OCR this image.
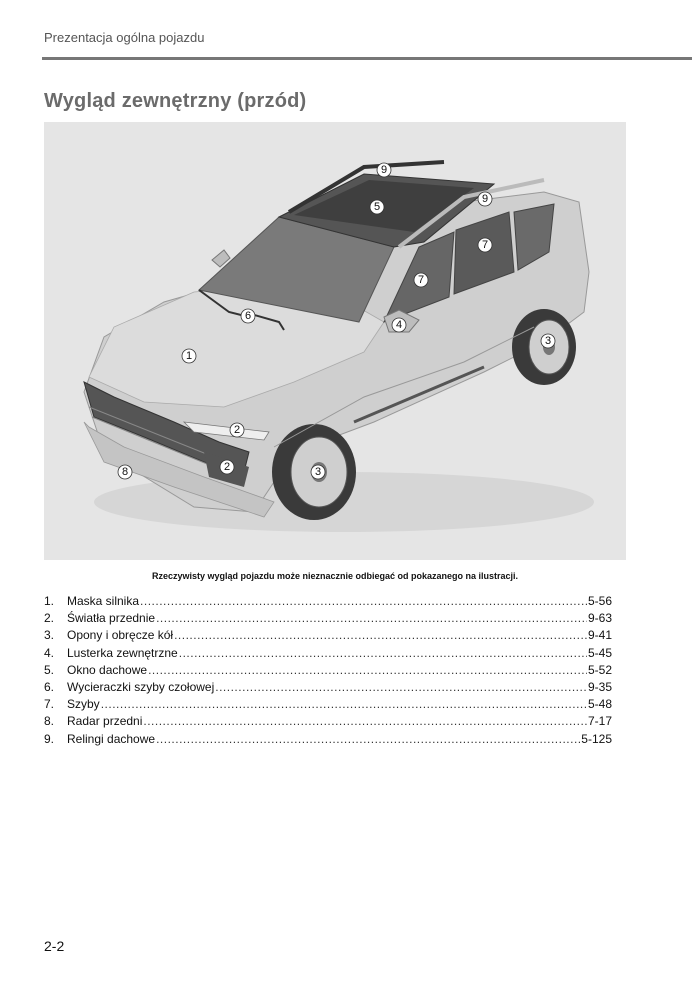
Prezentacja ogólna pojazdu
Wygląd zewnętrzny (przód)
9
5
9
7
7
6
4
1
3
2
2	3
8
Rzeczywisty wygląd pojazdu może nieznacznie odbiegać od pokazanego na ilustracji.
1.	Maska silnika .....	5-56
2.	Światła przednie .....	9-63
3.	Opony i obręcze kół .....	9-41
4.	Lusterka zewnętrzne .....	5-45
5.	Okno dachowe .....	5-52
6.	Wycieraczki szyby czołowej .....	9-35
7.	Szyby .....	5-48
8.	Radar przedni .....	7-17
9.	Relingi dachowe .....	5-125
2-2
